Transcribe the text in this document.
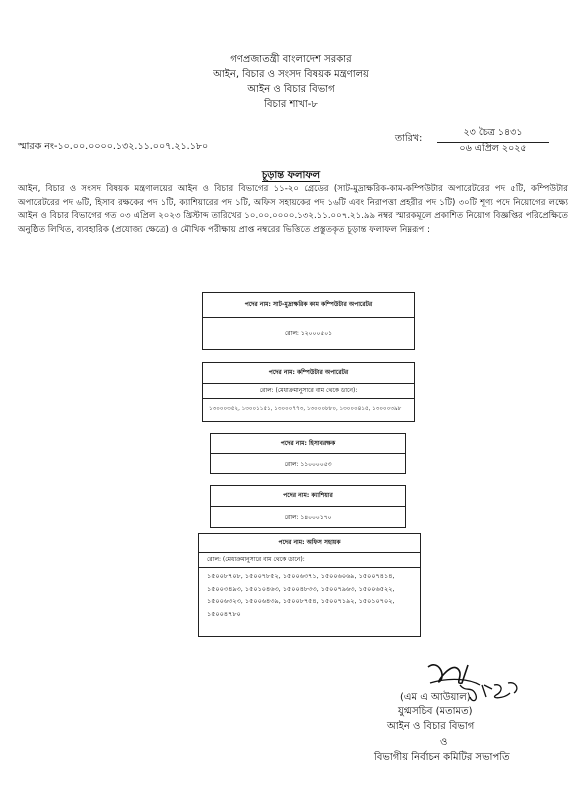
গণপ্রজাতন্ত্রী বাংলাদেশ সরকার
আইন, বিচার ও সংসদ বিষয়ক মন্ত্রণালয়
আইন ও বিচার বিভাগ
বিচার শাখা-৮
স্মারক নং-১০.০০.০০০০.১৩২.১১.০০৭.২১.১৮০
তারিখ:
২৩ চৈত্র ১৪৩১
০৬ এপ্রিল ২০২৫
চূড়ান্ত ফলাফল
আইন, বিচার ও সংসদ বিষয়ক মন্ত্রণালয়ের আইন ও বিচার বিভাগের ১১-২০ গ্রেডের (সাট-মুদ্রাক্ষরিক-কাম-কম্পিউটার অপারেটরের পদ ৫টি, কম্পিউটার অপারেটরের পদ ৬টি, হিসাব রক্ষকের পদ ১টি, ক্যাশিয়ারের পদ ১টি, অফিস সহায়কের পদ ১৬টি এবং নিরাপত্তা প্রহরীর পদ ১টি) ৩০টি শূণ্য পদে নিয়োগের লক্ষ্যে আইন ও বিচার বিভাগের গত ০৩ এপ্রিল ২০২৩ খ্রিস্টাব্দ তারিখের ১০.০০.০০০০.১৩২.১১.০০৭.২১.৯৯ নম্বর স্মারকমূলে প্রকাশিত নিয়োগ বিজ্ঞপ্তির পরিপ্রেক্ষিতে অনুষ্ঠিত লিখিত, ব্যবহারিক (প্রযোজ্য ক্ষেত্রে) ও মৌখিক পরীক্ষায় প্রাপ্ত নম্বরের ভিত্তিতে প্রস্তুতকৃত চূড়ান্ত ফলাফল নিম্নরূপ :
পদের নাম: সাট-মুদ্রাক্ষরিক কাম কম্পিউটার অপারেটর
রোল: ১২০০০৫০১
পদের নাম: কম্পিউটার অপারেটর
রোল: (মেধাক্রমানুসারে বাম থেকে ডানে):
১৩০০০৩৫২, ১৩০০১১৫১, ১৩০০০৭৭৩, ১৩০০০৮৮০, ১৩০০০৪১৫, ১৩০০০৩৯৮
পদের নাম: হিসাবরক্ষক
রোল: ১১০০০০৫৩
পদের নাম: ক্যাশিয়ার
রোল: ১৪০০০১৭০
পদের নাম: অফিস সহায়ক
রোল: (মেধাক্রমানুসারে বাম থেকে ডানে):
১৫০০৮৭০৮, ১৫০০৭৮৫২, ১৫০০৬৩৭১, ১৫০০৬০৬৯, ১৫০০৭৪১৪,
১৫০০৩৪৯৩, ১৫০১০৪৬৩, ১৫০০৪৮৩৩, ১৫০০৭৯৬৩, ১৫০০৬৫২২,
১৫০০৬৩২৩, ১৫০০৬৪৩৯, ১৫০০৮৭৫৪, ১৫০০৭১৯২, ১৫০১০৭০২,
১৫০০৪৭৮০
(এম এ আউয়াল)
যুগ্মসচিব (মতামত)
আইন ও বিচার বিভাগ
ও
বিভাগীয় নির্বাচন কমিটির সভাপতি
